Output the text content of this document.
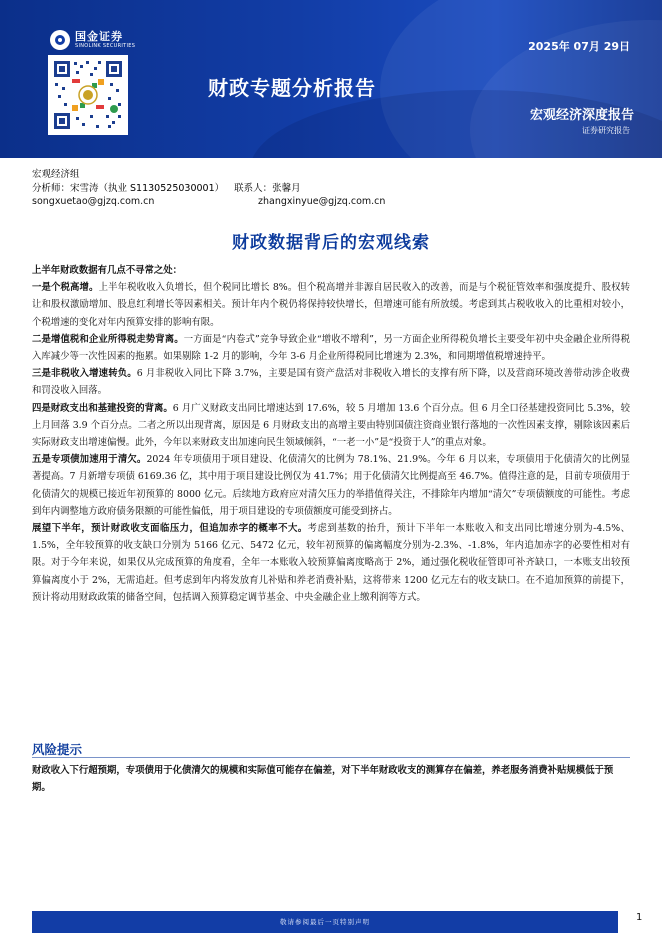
国金证券
SINOLINK SECURITIES
财政专题分析报告
2025年 07月 29日
宏观经济深度报告
证券研究报告
宏观经济组
分析师：宋雪涛（执业 S1130525030001） 联系人：张馨月
songxuetao@gjzq.com.cn	zhangxinyue@gjzq.com.cn
财政数据背后的宏观线索

上半年财政数据有几点不寻常之处：

一是个税高增。上半年税收收入负增长，但个税同比增长 8%。但个税高增并非源自居民收入的改善，而是与个税征管效率和强度提升、股权转让和股权激励增加、股息红利增长等因素相关。预计年内个税仍将保持较快增长，但增速可能有所放缓。考虑到其占税收收入的比重相对较小，个税增速的变化对年内预算安排的影响有限。

二是增值税和企业所得税走势背离。一方面是“内卷式”竞争导致企业“增收不增利”，另一方面企业所得税负增长主要受年初中央金融企业所得税入库减少等一次性因素的拖累。如果剔除 1-2 月的影响，今年 3-6 月企业所得税同比增速为 2.3%，和同期增值税增速持平。

三是非税收入增速转负。6 月非税收入同比下降 3.7%，主要是国有资产盘活对非税收入增长的支撑有所下降，以及营商环境改善带动涉企收费和罚没收入回落。

四是财政支出和基建投资的背离。6 月广义财政支出同比增速达到 17.6%，较 5 月增加 13.6 个百分点。但 6 月全口径基建投资同比 5.3%，较上月回落 3.9 个百分点。二者之所以出现背离，原因是 6 月财政支出的高增主要由特别国债注资商业银行落地的一次性因素支撑，剔除该因素后实际财政支出增速偏慢。此外，今年以来财政支出加速向民生领域倾斜，“一老一小”是“投资于人”的重点对象。

五是专项债加速用于清欠。2024 年专项债用于项目建设、化债清欠的比例为 78.1%、21.9%。今年 6 月以来，专项债用于化债清欠的比例显著提高。7 月新增专项债 6169.36 亿，其中用于项目建设比例仅为 41.7%；用于化债清欠比例提高至 46.7%。值得注意的是，目前专项债用于化债清欠的规模已接近年初预算的 8000 亿元。后续地方政府应对清欠压力的举措值得关注，不排除年内增加“清欠”专项债额度的可能性。考虑到年内调整地方政府债务限额的可能性偏低，用于项目建设的专项债额度可能受到挤占。

展望下半年，预计财政收支面临压力，但追加赤字的概率不大。考虑到基数的抬升，预计下半年一本账收入和支出同比增速分别为-4.5%、1.5%，全年较预算的收支缺口分别为 5166 亿元、5472 亿元，较年初预算的偏离幅度分别为-2.3%、-1.8%，年内追加赤字的必要性相对有限。对于今年来说，如果仅从完成预算的角度看，全年一本账收入较预算偏离度略高于 2%，通过强化税收征管即可补齐缺口，一本账支出较预算偏离度小于 2%，无需追赶。但考虑到年内将发放育儿补贴和养老消费补贴，这将带来 1200 亿元左右的收支缺口。在不追加预算的前提下，预计将动用财政政策的储备空间，包括调入预算稳定调节基金、中央金融企业上缴利润等方式。

风险提示
财政收入下行超预期，专项债用于化债清欠的规模和实际值可能存在偏差，对下半年财政收支的测算存在偏差，养老服务消费补贴规模低于预期。
敬请参阅最后一页特别声明	1
